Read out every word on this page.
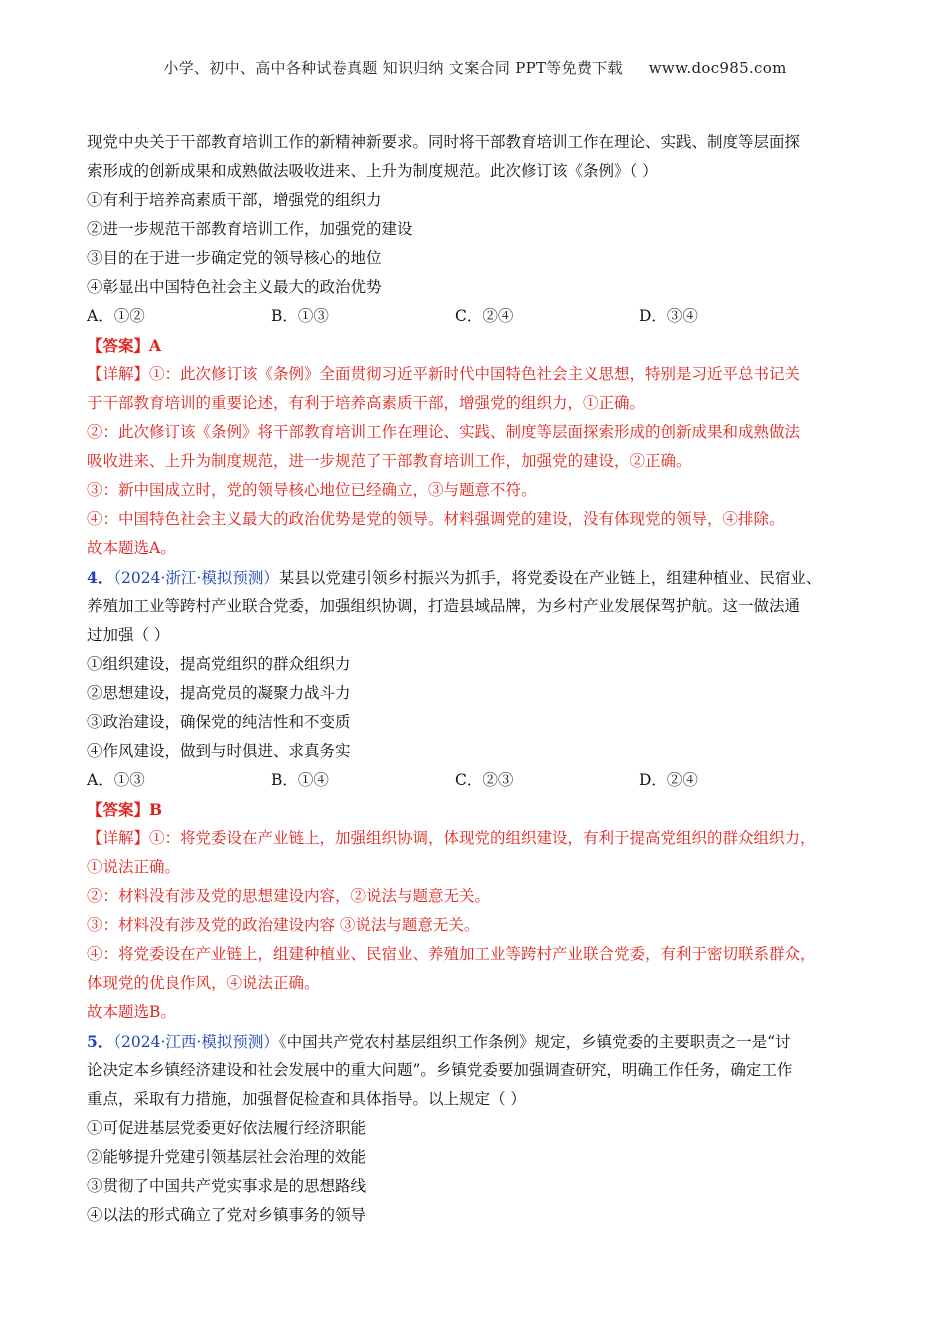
小学、初中、高中各种试卷真题 知识归纳 文案合同 PPT等免费下载 www.doc985.com
现党中央关于干部教育培训工作的新精神新要求。同时将干部教育培训工作在理论、实践、制度等层面探
索形成的创新成果和成熟做法吸收进来、上升为制度规范。此次修订该《条例》（ ）
①有利于培养高素质干部，增强党的组织力
②进一步规范干部教育培训工作，加强党的建设
③目的在于进一步确定党的领导核心的地位
④彰显出中国特色社会主义最大的政治优势
A．①②	B．①③	C．②④	D．③④
【答案】A
【详解】①：此次修订该《条例》全面贯彻习近平新时代中国特色社会主义思想，特别是习近平总书记关
于干部教育培训的重要论述，有利于培养高素质干部，增强党的组织力，①正确。
②：此次修订该《条例》将干部教育培训工作在理论、实践、制度等层面探索形成的创新成果和成熟做法
吸收进来、上升为制度规范，进一步规范了干部教育培训工作，加强党的建设，②正确。
③：新中国成立时，党的领导核心地位已经确立，③与题意不符。
④：中国特色社会主义最大的政治优势是党的领导。材料强调党的建设，没有体现党的领导，④排除。
故本题选A。
4．（2024·浙江·模拟预测）某县以党建引领乡村振兴为抓手，将党委设在产业链上，组建种植业、民宿业、
养殖加工业等跨村产业联合党委，加强组织协调，打造县域品牌，为乡村产业发展保驾护航。这一做法通
过加强（ ）
①组织建设，提高党组织的群众组织力
②思想建设，提高党员的凝聚力战斗力
③政治建设，确保党的纯洁性和不变质
④作风建设，做到与时俱进、求真务实
A．①③	B．①④	C．②③	D．②④
【答案】B
【详解】①：将党委设在产业链上，加强组织协调，体现党的组织建设，有利于提高党组织的群众组织力，
①说法正确。
②：材料没有涉及党的思想建设内容，②说法与题意无关。
③：材料没有涉及党的政治建设内容 ③说法与题意无关。
④：将党委设在产业链上，组建种植业、民宿业、养殖加工业等跨村产业联合党委，有利于密切联系群众，
体现党的优良作风，④说法正确。
故本题选B。
5．（2024·江西·模拟预测）《中国共产党农村基层组织工作条例》规定，乡镇党委的主要职责之一是“讨
论决定本乡镇经济建设和社会发展中的重大问题”。乡镇党委要加强调查研究，明确工作任务，确定工作
重点，采取有力措施，加强督促检查和具体指导。以上规定（ ）
①可促进基层党委更好依法履行经济职能
②能够提升党建引领基层社会治理的效能
③贯彻了中国共产党实事求是的思想路线
④以法的形式确立了党对乡镇事务的领导
